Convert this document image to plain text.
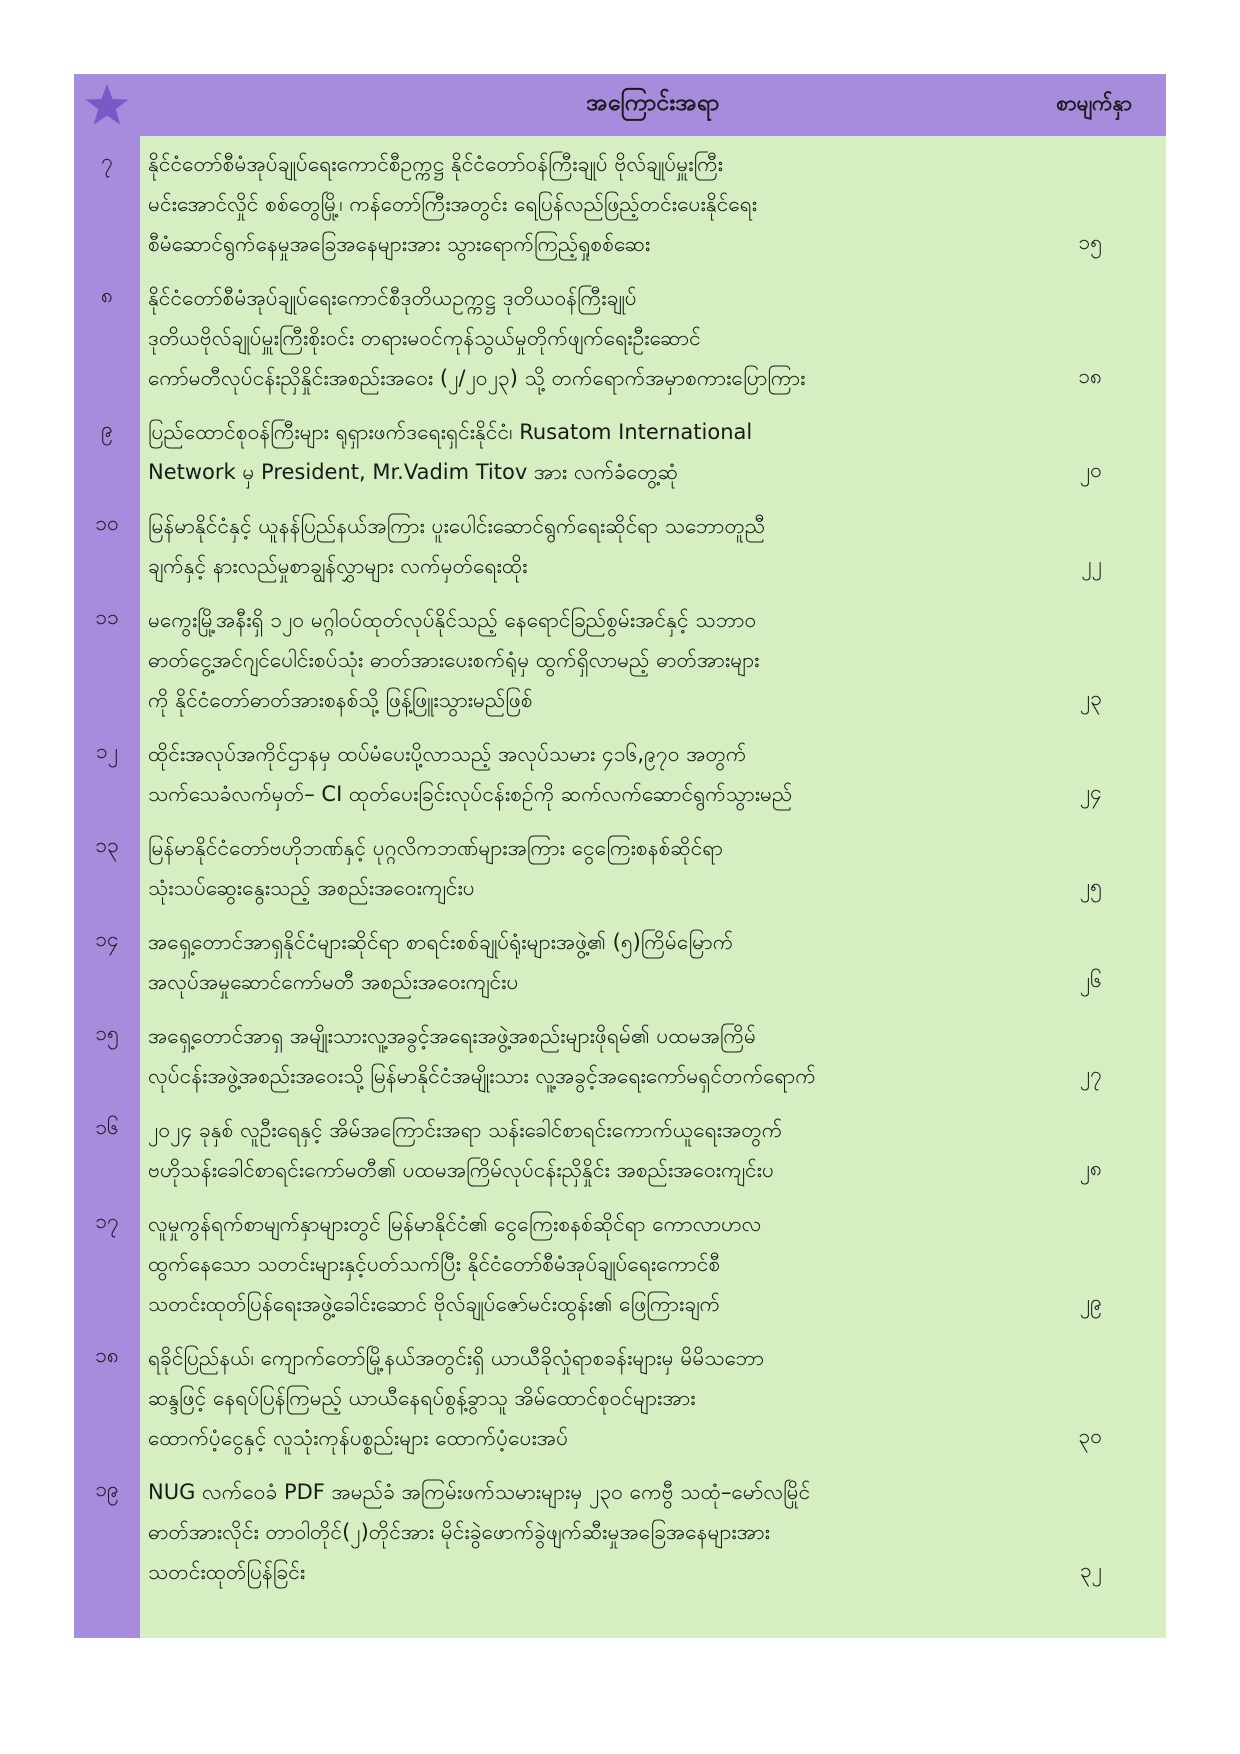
အကြောင်းအရာ	စာမျက်နှာ
၇	နိုင်ငံတော်စီမံအုပ်ချုပ်ရေးကောင်စီဥက္ကဋ္ဌ နိုင်ငံတော်ဝန်ကြီးချုပ် ဗိုလ်ချုပ်မှူးကြီး
မင်းအောင်လှိုင် စစ်တွေမြို့၊ ကန်တော်ကြီးအတွင်း ရေပြန်လည်ဖြည့်တင်းပေးနိုင်ရေး
စီမံဆောင်ရွက်နေမှုအခြေအနေများအား သွားရောက်ကြည့်ရှုစစ်ဆေး	၁၅
၈	နိုင်ငံတော်စီမံအုပ်ချုပ်ရေးကောင်စီဒုတိယဥက္ကဋ္ဌ ဒုတိယဝန်ကြီးချုပ်
ဒုတိယဗိုလ်ချုပ်မှူးကြီးစိုးဝင်း တရားမဝင်ကုန်သွယ်မှုတိုက်ဖျက်ရေးဦးဆောင်
ကော်မတီလုပ်ငန်းညှိနှိုင်းအစည်းအဝေး (၂/၂၀၂၃) သို့ တက်ရောက်အမှာစကားပြောကြား	၁၈
၉	ပြည်ထောင်စုဝန်ကြီးများ ရုရှားဖက်ဒရေးရှင်းနိုင်ငံ၊ Rusatom International
Network မှ President, Mr.Vadim Titov အား လက်ခံတွေ့ဆုံ	၂၀
၁၀	မြန်မာနိုင်ငံနှင့် ယူနန်ပြည်နယ်အကြား ပူးပေါင်းဆောင်ရွက်ရေးဆိုင်ရာ သဘောတူညီ
ချက်နှင့် နားလည်မှုစာချွန်လွှာများ လက်မှတ်ရေးထိုး	၂၂
၁၁	မကွေးမြို့အနီးရှိ ၁၂၀ မဂ္ဂါဝပ်ထုတ်လုပ်နိုင်သည့် နေရောင်ခြည်စွမ်းအင်နှင့် သဘာဝ
ဓာတ်ငွေ့အင်ဂျင်ပေါင်းစပ်သုံး ဓာတ်အားပေးစက်ရုံမှ ထွက်ရှိလာမည့် ဓာတ်အားများ
ကို နိုင်ငံတော်ဓာတ်အားစနစ်သို့ ဖြန့်ဖြူးသွားမည်ဖြစ်	၂၃
၁၂	ထိုင်းအလုပ်အကိုင်ဌာနမှ ထပ်မံပေးပို့လာသည့် အလုပ်သမား ၄၁၆,၉၇၀ အတွက်
သက်သေခံလက်မှတ်– CI ထုတ်ပေးခြင်းလုပ်ငန်းစဉ်ကို ဆက်လက်ဆောင်ရွက်သွားမည်	၂၄
၁၃	မြန်မာနိုင်ငံတော်ဗဟိုဘဏ်နှင့် ပုဂ္ဂလိကဘဏ်များအကြား ငွေကြေးစနစ်ဆိုင်ရာ
သုံးသပ်ဆွေးနွေးသည့် အစည်းအဝေးကျင်းပ	၂၅
၁၄	အရှေ့တောင်အာရှနိုင်ငံများဆိုင်ရာ စာရင်းစစ်ချုပ်ရုံးများအဖွဲ့၏ (၅)ကြိမ်မြောက်
အလုပ်အမှုဆောင်ကော်မတီ အစည်းအဝေးကျင်းပ	၂၆
၁၅	အရှေ့တောင်အာရှ အမျိုးသားလူ့အခွင့်အရေးအဖွဲ့အစည်းများဖိုရမ်၏ ပထမအကြိမ်
လုပ်ငန်းအဖွဲ့အစည်းအဝေးသို့ မြန်မာနိုင်ငံအမျိုးသား လူ့အခွင့်အရေးကော်မရှင်တက်ရောက်	၂၇
၁၆	၂၀၂၄ ခုနှစ် လူဦးရေနှင့် အိမ်အကြောင်းအရာ သန်းခေါင်စာရင်းကောက်ယူရေးအတွက်
ဗဟိုသန်းခေါင်စာရင်းကော်မတီ၏ ပထမအကြိမ်လုပ်ငန်းညှိနှိုင်း အစည်းအဝေးကျင်းပ	၂၈
၁၇	လူမှုကွန်ရက်စာမျက်နှာများတွင် မြန်မာနိုင်ငံ၏ ငွေကြေးစနစ်ဆိုင်ရာ ကောလာဟလ
ထွက်နေသော သတင်းများနှင့်ပတ်သက်ပြီး နိုင်ငံတော်စီမံအုပ်ချုပ်ရေးကောင်စီ
သတင်းထုတ်ပြန်ရေးအဖွဲ့ခေါင်းဆောင် ဗိုလ်ချုပ်ဇော်မင်းထွန်း၏ ဖြေကြားချက်	၂၉
၁၈	ရခိုင်ပြည်နယ်၊ ကျောက်တော်မြို့နယ်အတွင်းရှိ ယာယီခိုလှုံရာစခန်းများမှ မိမိသဘော
ဆန္ဒဖြင့် နေရပ်ပြန်ကြမည့် ယာယီနေရပ်စွန့်ခွာသူ အိမ်ထောင်စုဝင်များအား
ထောက်ပံ့ငွေနှင့် လူသုံးကုန်ပစ္စည်းများ ထောက်ပံ့ပေးအပ်	၃၀
၁၉	NUG လက်ဝေခံ PDF အမည်ခံ အကြမ်းဖက်သမားများမှ ၂၃၀ ကေဗွီ သထုံ–မော်လမြိုင်
ဓာတ်အားလိုင်း တာဝါတိုင်(၂)တိုင်အား မိုင်းခွဲဖောက်ခွဲဖျက်ဆီးမှုအခြေအနေများအား
သတင်းထုတ်ပြန်ခြင်း	၃၂
